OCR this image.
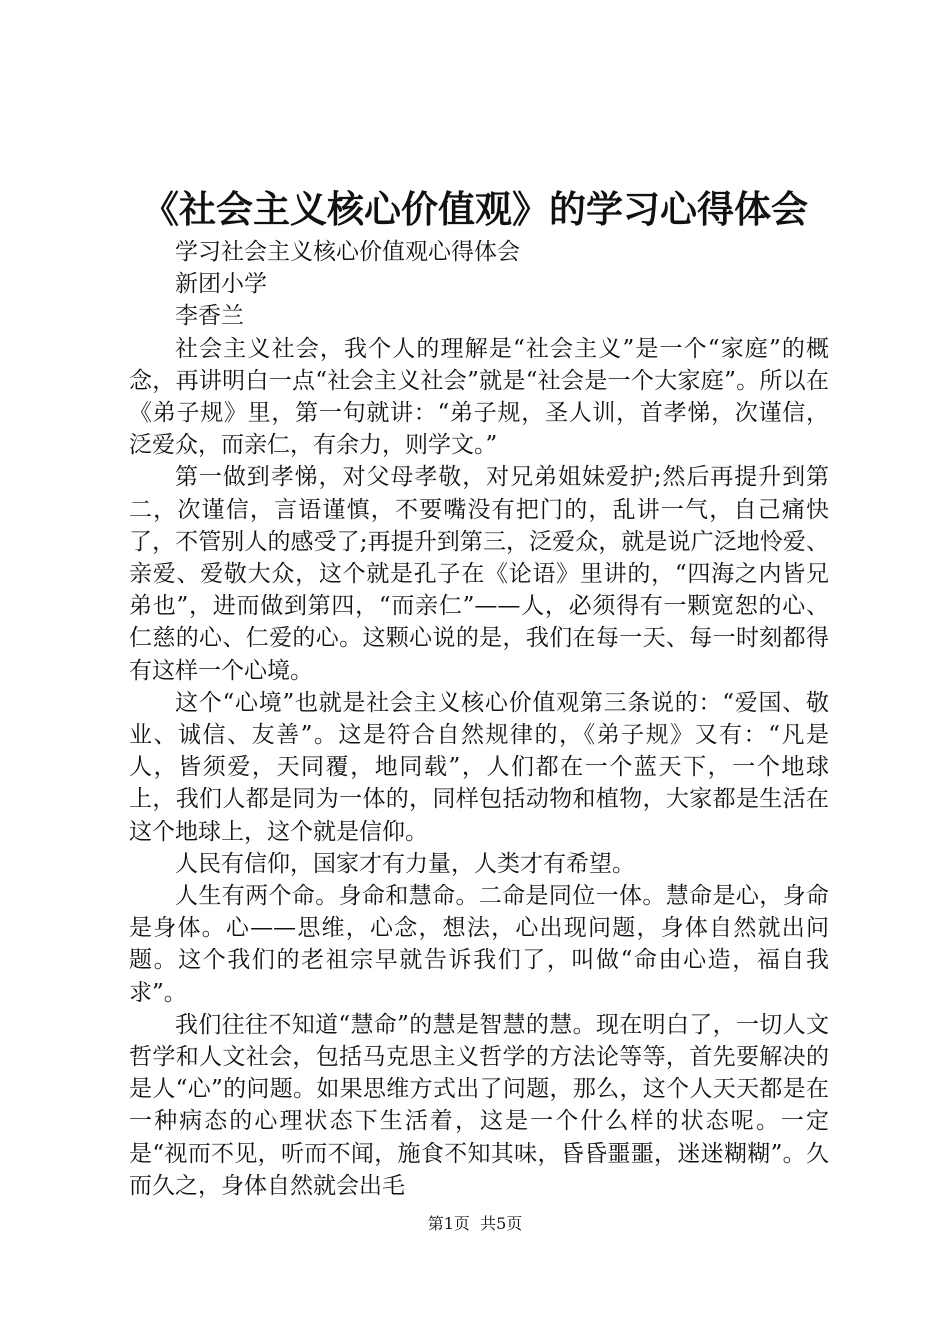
《社会主义核心价值观》的学习心得体会

学习社会主义核心价值观心得体会

新团小学

李香兰

社会主义社会，我个人的理解是“社会主义”是一个“家庭”的概念，再讲明白一点“社会主义社会”就是“社会是一个大家庭”。所以在《弟子规》里，第一句就讲：“弟子规，圣人训，首孝悌，次谨信，泛爱众，而亲仁，有余力，则学文。”

第一做到孝悌，对父母孝敬，对兄弟姐妹爱护;然后再提升到第二，次谨信，言语谨慎，不要嘴没有把门的，乱讲一气，自己痛快了，不管别人的感受了;再提升到第三，泛爱众，就是说广泛地怜爱、亲爱、爱敬大众，这个就是孔子在《论语》里讲的，“四海之内皆兄弟也”，进而做到第四，“而亲仁”——人，必须得有一颗宽恕的心、仁慈的心、仁爱的心。这颗心说的是，我们在每一天、每一时刻都得有这样一个心境。

这个“心境”也就是社会主义核心价值观第三条说的：“爱国、敬业、诚信、友善”。这是符合自然规律的，《弟子规》又有：“凡是人，皆须爱，天同覆，地同载”，人们都在一个蓝天下，一个地球上，我们人都是同为一体的，同样包括动物和植物，大家都是生活在这个地球上，这个就是信仰。

人民有信仰，国家才有力量，人类才有希望。

人生有两个命。身命和慧命。二命是同位一体。慧命是心，身命是身体。心——思维，心念，想法，心出现问题，身体自然就出问题。这个我们的老祖宗早就告诉我们了，叫做“命由心造，福自我求”。

我们往往不知道“慧命”的慧是智慧的慧。现在明白了，一切人文哲学和人文社会，包括马克思主义哲学的方法论等等，首先要解决的是人“心”的问题。如果思维方式出了问题，那么，这个人天天都是在一种病态的心理状态下生活着，这是一个什么样的状态呢。一定是“视而不见，听而不闻，施食不知其味，昏昏噩噩，迷迷糊糊”。久而久之，身体自然就会出毛

第1页  共5页
